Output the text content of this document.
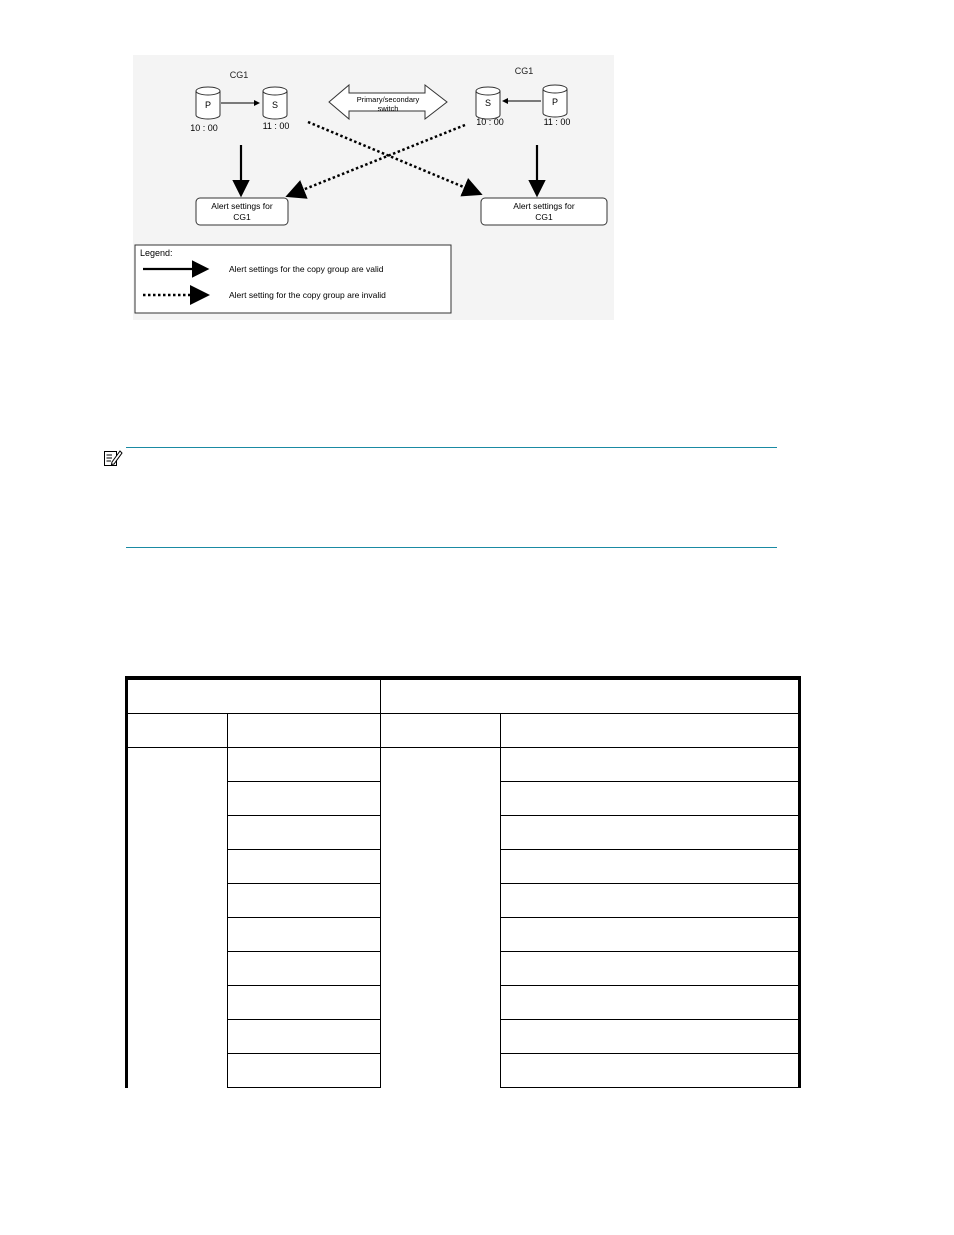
CG1
P
10 : 00
S
11 : 00
Primary/secondary
switch
CG1
S
10 : 00
P
11 : 00
Alert settings for
CG1
Alert settings for
CG1
Legend:
Alert settings for the copy group are valid
Alert setting for the copy group are invalid
